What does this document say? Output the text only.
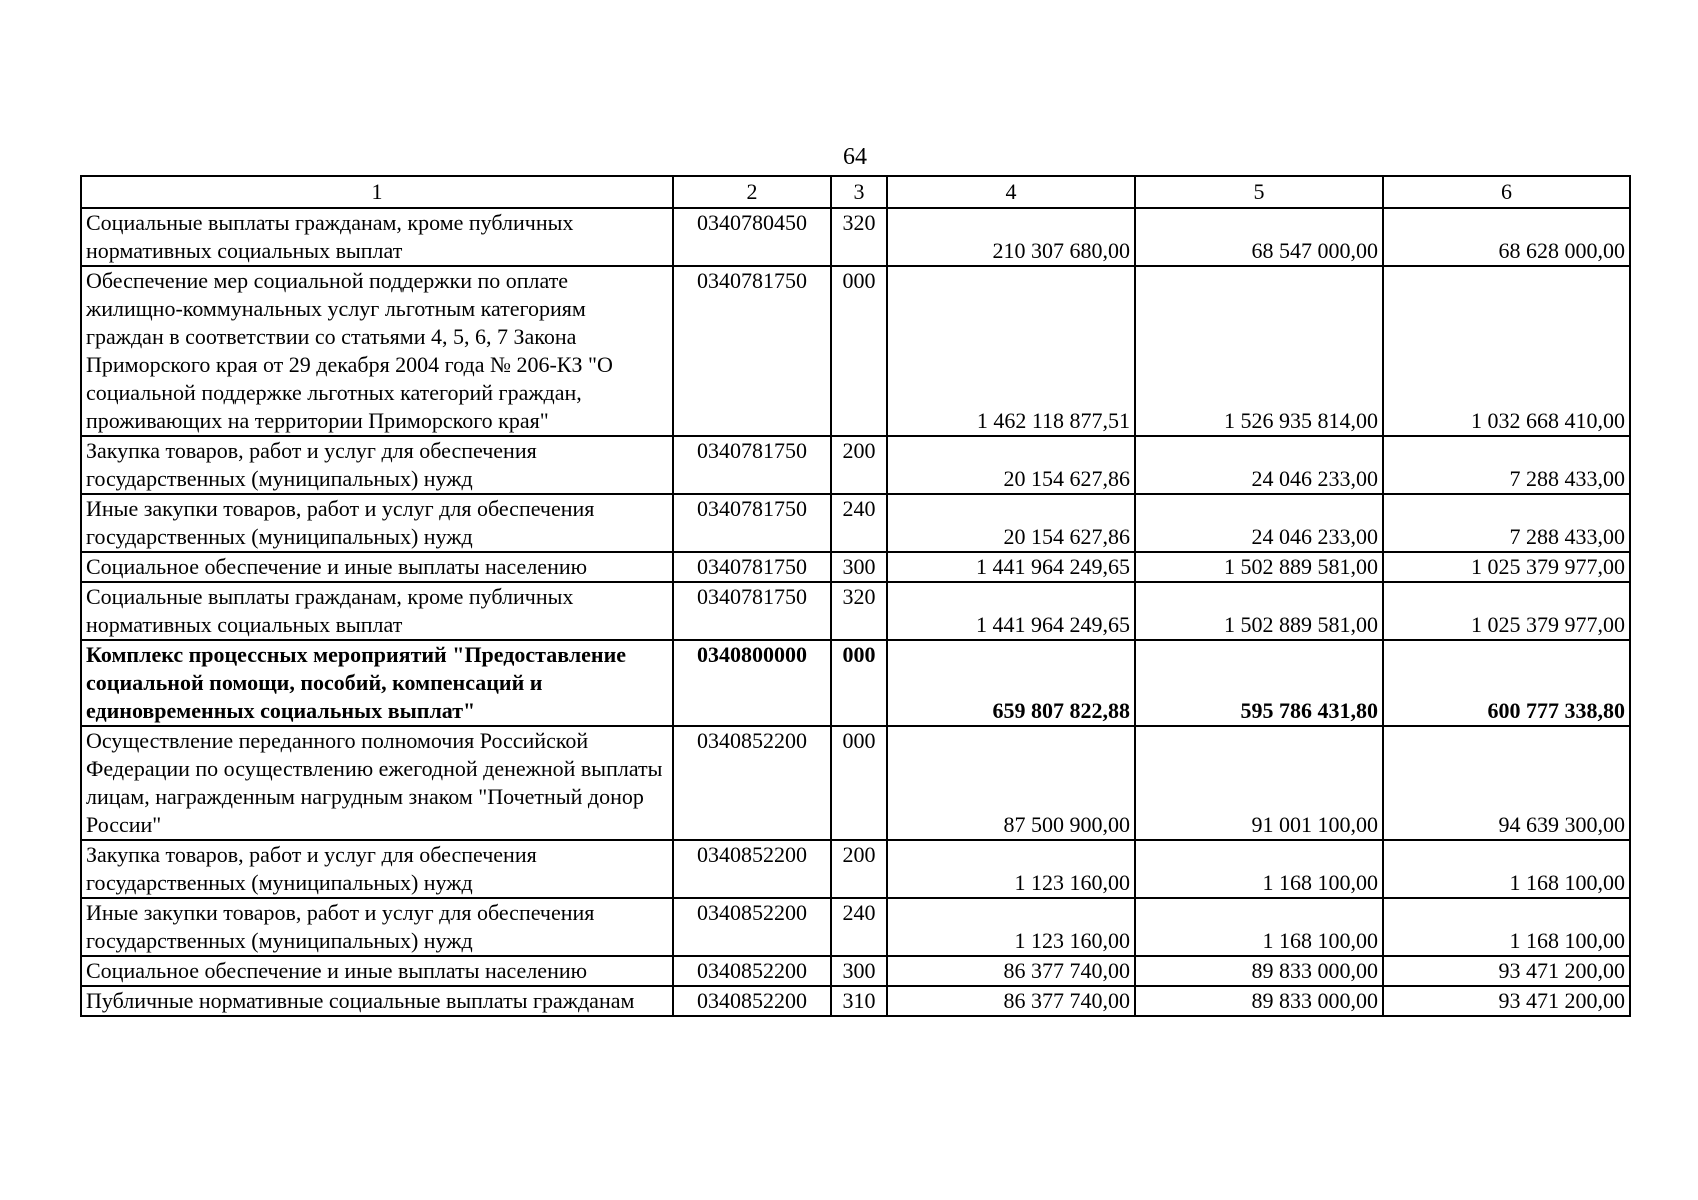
64
1	2	3	4	5	6
Социальные выплаты гражданам, кроме публичных нормативных социальных выплат	0340780450	320	210 307 680,00	68 547 000,00	68 628 000,00
Обеспечение мер социальной поддержки по оплате жилищно-коммунальных услуг льготным категориям граждан в соответствии со статьями 4, 5, 6, 7 Закона Приморского края от 29 декабря 2004 года № 206-КЗ "О социальной поддержке льготных категорий граждан, проживающих на территории Приморского края"	0340781750	000	1 462 118 877,51	1 526 935 814,00	1 032 668 410,00
Закупка товаров, работ и услуг для обеспечения государственных (муниципальных) нужд	0340781750	200	20 154 627,86	24 046 233,00	7 288 433,00
Иные закупки товаров, работ и услуг для обеспечения государственных (муниципальных) нужд	0340781750	240	20 154 627,86	24 046 233,00	7 288 433,00
Социальное обеспечение и иные выплаты населению	0340781750	300	1 441 964 249,65	1 502 889 581,00	1 025 379 977,00
Социальные выплаты гражданам, кроме публичных нормативных социальных выплат	0340781750	320	1 441 964 249,65	1 502 889 581,00	1 025 379 977,00
Комплекс процессных мероприятий "Предоставление социальной помощи, пособий, компенсаций и единовременных социальных выплат"	0340800000	000	659 807 822,88	595 786 431,80	600 777 338,80
Осуществление переданного полномочия Российской Федерации по осуществлению ежегодной денежной выплаты лицам, награжденным нагрудным знаком "Почетный донор России"	0340852200	000	87 500 900,00	91 001 100,00	94 639 300,00
Закупка товаров, работ и услуг для обеспечения государственных (муниципальных) нужд	0340852200	200	1 123 160,00	1 168 100,00	1 168 100,00
Иные закупки товаров, работ и услуг для обеспечения государственных (муниципальных) нужд	0340852200	240	1 123 160,00	1 168 100,00	1 168 100,00
Социальное обеспечение и иные выплаты населению	0340852200	300	86 377 740,00	89 833 000,00	93 471 200,00
Публичные нормативные социальные выплаты гражданам	0340852200	310	86 377 740,00	89 833 000,00	93 471 200,00
